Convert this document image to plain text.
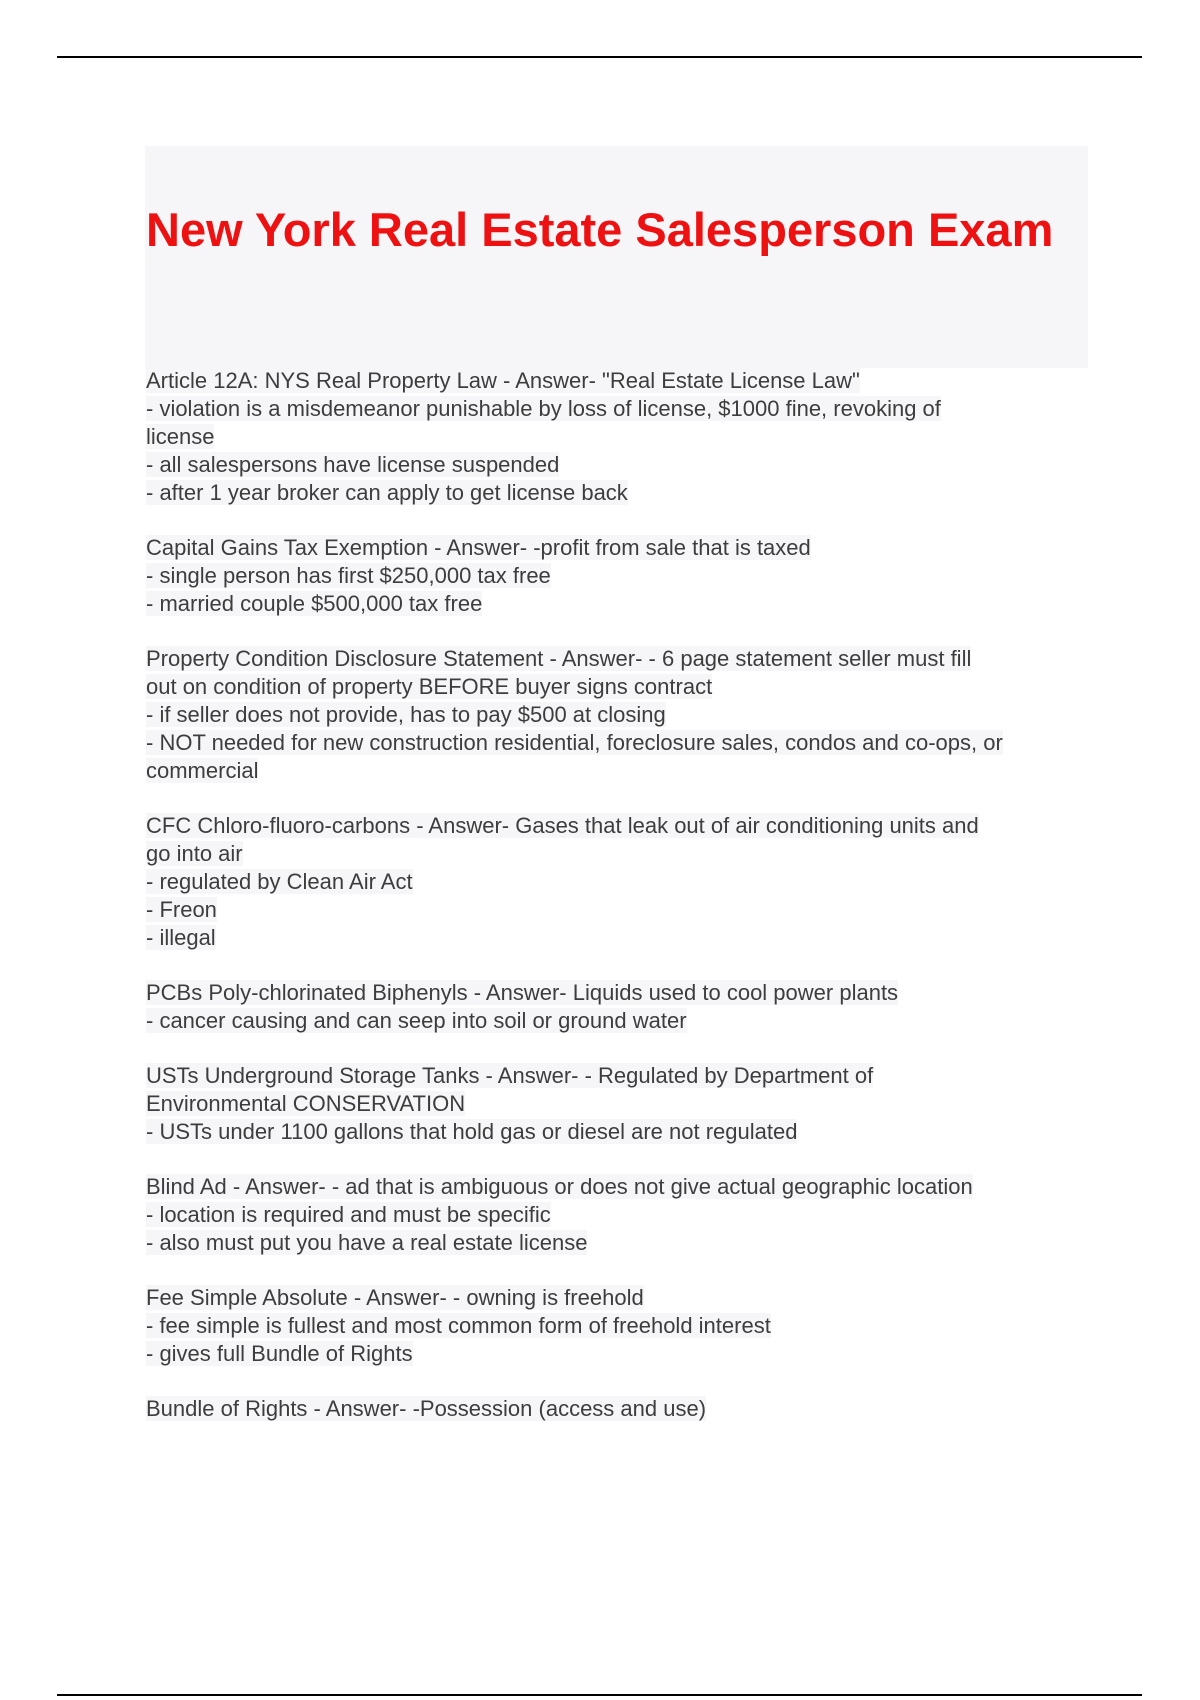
New York Real Estate Salesperson Exam
Article 12A: NYS Real Property Law - Answer- "Real Estate License Law"
- violation is a misdemeanor punishable by loss of license, $1000 fine, revoking of
license
- all salespersons have license suspended
- after 1 year broker can apply to get license back
Capital Gains Tax Exemption - Answer- -profit from sale that is taxed
- single person has first $250,000 tax free
- married couple $500,000 tax free
Property Condition Disclosure Statement - Answer- - 6 page statement seller must fill
out on condition of property BEFORE buyer signs contract
- if seller does not provide, has to pay $500 at closing
- NOT needed for new construction residential, foreclosure sales, condos and co-ops, or
commercial
CFC Chloro-fluoro-carbons - Answer- Gases that leak out of air conditioning units and
go into air
- regulated by Clean Air Act
- Freon
- illegal
PCBs Poly-chlorinated Biphenyls - Answer- Liquids used to cool power plants
- cancer causing and can seep into soil or ground water
USTs Underground Storage Tanks - Answer- - Regulated by Department of
Environmental CONSERVATION
- USTs under 1100 gallons that hold gas or diesel are not regulated
Blind Ad - Answer- - ad that is ambiguous or does not give actual geographic location
- location is required and must be specific
- also must put you have a real estate license
Fee Simple Absolute - Answer- - owning is freehold
- fee simple is fullest and most common form of freehold interest
- gives full Bundle of Rights
Bundle of Rights - Answer- -Possession (access and use)
